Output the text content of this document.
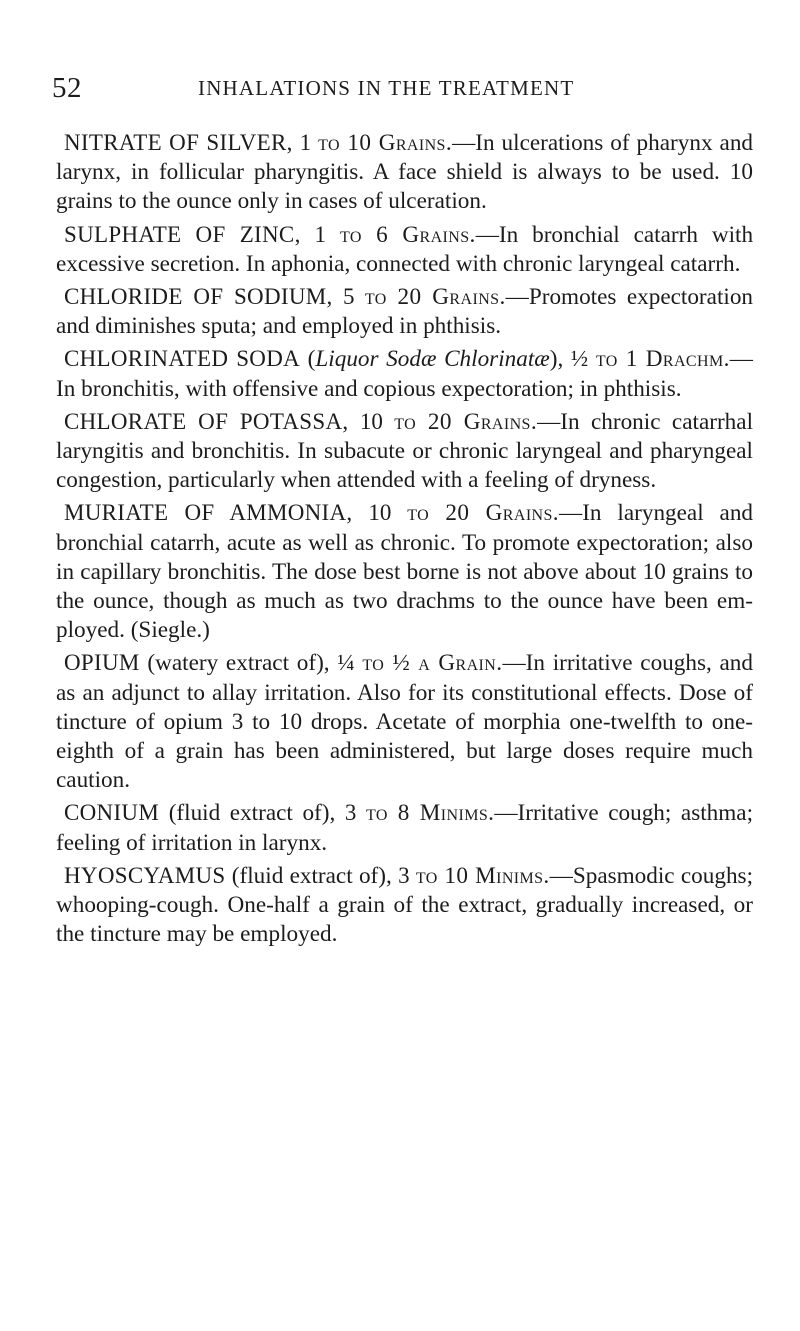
52	INHALATIONS IN THE TREATMENT

NITRATE OF SILVER, 1 to 10 Grains.—In ulcerations of pharynx and larynx, in follicular pharyngitis. A face shield is always to be used. 10 grains to the ounce only in cases of ulceration.

SULPHATE OF ZINC, 1 to 6 Grains.—In bronchial catarrh with excessive secretion. In aphonia, connected with chronic laryngeal catarrh.

CHLORIDE OF SODIUM, 5 to 20 Grains.—Promotes expectoration and diminishes sputa; and employed in phthisis.

CHLORINATED SODA (Liquor Sodæ Chlorinatæ), ½ to 1 Drachm.—In bronchitis, with offensive and copious expectoration; in phthisis.

CHLORATE OF POTASSA, 10 to 20 Grains.—In chronic catarrhal laryngitis and bronchitis. In subacute or chronic laryngeal and pharyngeal congestion, particularly when attended with a feeling of dryness.

MURIATE OF AMMONIA, 10 to 20 Grains.—In laryngeal and bronchial catarrh, acute as well as chronic. To promote expectoration; also in capillary bronchitis. The dose best borne is not above about 10 grains to the ounce, though as much as two drachms to the ounce have been employed. (Siegle.)

OPIUM (watery extract of), ¼ to ½ a Grain.—In irritative coughs, and as an adjunct to allay irritation. Also for its constitutional effects. Dose of tincture of opium 3 to 10 drops. Acetate of morphia one-twelfth to one-eighth of a grain has been administered, but large doses require much caution.

CONIUM (fluid extract of), 3 to 8 Minims.—Irritative cough; asthma; feeling of irritation in larynx.

HYOSCYAMUS (fluid extract of), 3 to 10 Minims.—Spasmodic coughs; whooping-cough. One-half a grain of the extract, gradually increased, or the tincture may be employed.
